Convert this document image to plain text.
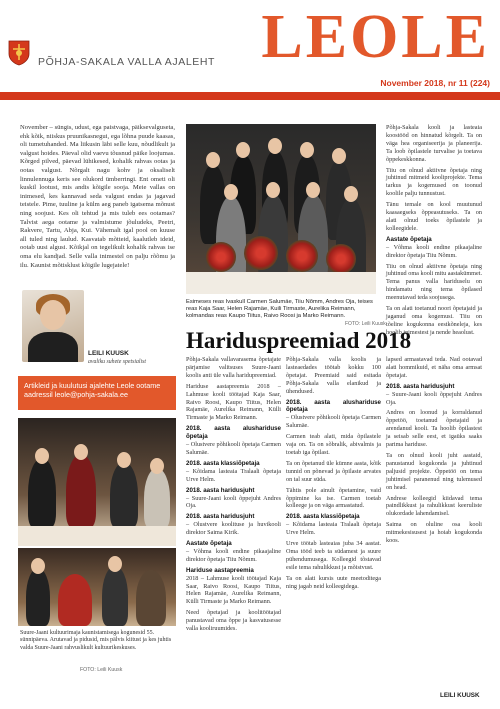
PÕHJA-SAKALA VALLA AJALEHT LEOLE
November 2018, nr 11 (224)
November – süngis, udust, ega paistvaga, päiksevalguseta, ehk kõik, niiskus pruunikasnegui, ega lõhna puude kaasas, oli tumetuhanded. Ma liikusin läbi selle kuu, nõudlikult ja valgust hoides. Päeval olid vaevu tõusnud päike loojumas. Kõrged pilved, päevad lühikesed, kohalik rahvas ootas ja ootas valgust. Nõrgalt nagu kohv ja oksaliselt linnulennuga keris see olukord ümberringi. Ent ometi oli kuskil lootust, mis andis kõigile sooja. Meie vallas on inimesed, kes kannavad seda valgust endas ja jagavad teistele. Pime, tuuline ja külm aeg paneb igatsema mõnust ning soojust. Kes oli tehtud ja mis tuleb ees ootamas? Talvist aega ootame ja valmistume jõuludeks, Peetri, Rakvere, Tartu, Abja, Kui. Vähemalt igal pool on kuuse all tuled ning laulud. Kasvatab mõtteid, kaalutleb ideid, ootab uusi algusi. Kõikjal on tegelikult kohalik rahvas ise oma elu kandjad. Selle valla inimestel on palju rõõmu ja ilu. Kaunist mõtisklust kõigile lugejatele!
LEILI KUUSK
avaliku suhete spetsialist
Artikleid ja kuulutusi ajalehte Leole ootame aadressil leole@pohja-sakala.ee
Suure-Jaani kultuurimaja kaunistamisega kogunesid 55. sünnipäeva. Arutavad ja pidusid, mis pälvis kiitust ja kes juhtis valda Suure-Jaani rahvuslikult kultuurikeskuses.
FOTO: Leili Kuusk
Esimeses reas Ivaskull Carmen Salumäe, Tiiu Nõmm, Andres Oja, teises reas Kaja Saar, Helen Rajamäe, Kuili Tirmaste, Aurelika Reimann, kolmandas reas Kaupo Tiitus, Raivo Roosi ja Marko Reimann.
FOTO: Leili Kuusk
Hariduspreemiad 2018

Põhja-Sakala vallavarasema õpetajate pärjamise valitsuses Suure-Jaani koolis anti üle valla haridupreemiad.

Hariduse aastapreemia 2018 – Lahmuse kooli töötajad Kaja Saar, Raivo Roosi, Kaupo Tiitus, Helen Rajamäe, Aurelika Reimann, Külli Tirmaste ja Marko Reimann.

2018. aasta alushariduse õpetaja

– Olustvere põhikooli õpetaja Carmen Salumäe.

2018. aasta klassiõpetaja

– Kõidama lasteaia Tralaali õpetaja Urve Helm.

2018. aasta haridusjuht

– Suure-Jaani kooli õppejuht Andres Oja.

2018. aasta haridusjuht

– Olustvere koolituse ja huvikooli direktor Saima Kirik.

Aastate õpetaja

– Võhma kooli endine pikaajaline direktor õpetaja Tiiu Nõmm.

Hariduse aastapreemia

2018 – Lahmuse kooli töötajad Kaja Saar, Raivo Roosi, Kaupo Tiitus, Helen Rajamäe, Aurelika Reimann, Külli Tirmaste ja Marko Reimann.

Need õpetajad ja koolitöötajad panustavad oma õppe ja kasvatusesse valla kooliruumides.

Põhja-Sakala valla koolis ja lasteaedades töötab kokku 100 õpetajat. Preemiaid said esitada Põhja-Sakala valla elanikud ja ühendused.

2018. aasta alushariduse õpetaja

– Olustvere põhikooli õpetaja Carmen Salumäe.

Carmen teab alati, mida õpilastele vaja on. Ta on sõbralik, abivalmis ja toetab iga õpilast.

Ta on õpetanud üle kümne aasta, kõik tunnid on põnevad ja õpilaste arvates on tal suur süda.

Tähtis pole ainult õpetamine, vaid õppimine ka ise. Carmen toetab kolleege ja on väga armastatud.

2018. aasta klassiõpetaja

– Kõidama lasteaia Tralaali õpetaja Urve Helm.

Urve töötab lasteaias juba 34 aastat. Oma tööd teeb ta südamest ja suure pühendumusega. Kolleegid tõstavad esile tema rahulikkust ja mõistvust.

Ta on alati kursis uute meetoditega ning jagab neid kolleegidega.

lapsed armastavad teda. Nad ootavad alati hommikuid, et näha oma armsat õpetajat.

2018. aasta haridusjuht

– Suure-Jaani kooli õppejuht Andres Oja.

Andres on loonud ja korraldanud õppetöö, toetanud õpetajaid ja arendanud kooli. Ta hoolib õpilastest ja seisab selle eest, et igaüks saaks parima hariduse.

Ta on olnud kooli juht aastaid, panustanud kogukonda ja juhtinud paljusid projekte. Õppetöö on tema juhtimisel paranenud ning tulemused on head.

Andrese kolleegid kiidavad tema paindlikkust ja rahulikkust keeruliste olukordade lahendamisel.

Saima on oluline osa kooli mitmekesisusest ja hoiab kogukonda koos.

Põhja-Sakala kooli ja lasteaia koostööd on hinnatud kõrgelt. Ta on väga hea organiseerija ja planeerija. Ta loob õpilastele turvalise ja toetava õppekeskkonna.

Tiiu on olnud aktiivne õpetaja ning juhtinud mitmeid kooliprojekte. Tema tarkus ja kogemused on toonud koolile palju tunnustust.

Tänu temale on kool muutunud kaasaegseks õppeasutuseks. Ta on alati olnud toeks õpilastele ja kolleegidele.

Aastate õpetaja

– Võhma kooli endine pikaajaline direktor õpetaja Tiiu Nõmm.

Tiiu on olnud aktiivne õpetaja ning juhtinud oma kooli mitu aastakümmet. Tema panus valla hariduselu on hindamatu ning tema õpilased meenutavad teda soojusega.

Ta on alati toetanud noori õpetajaid ja jaganud oma kogemusi. Tiiu on tõeline kogukonna eestkõneleja, kes hoolib inimestest ja nende heaolust.

LEILI KUUSK
